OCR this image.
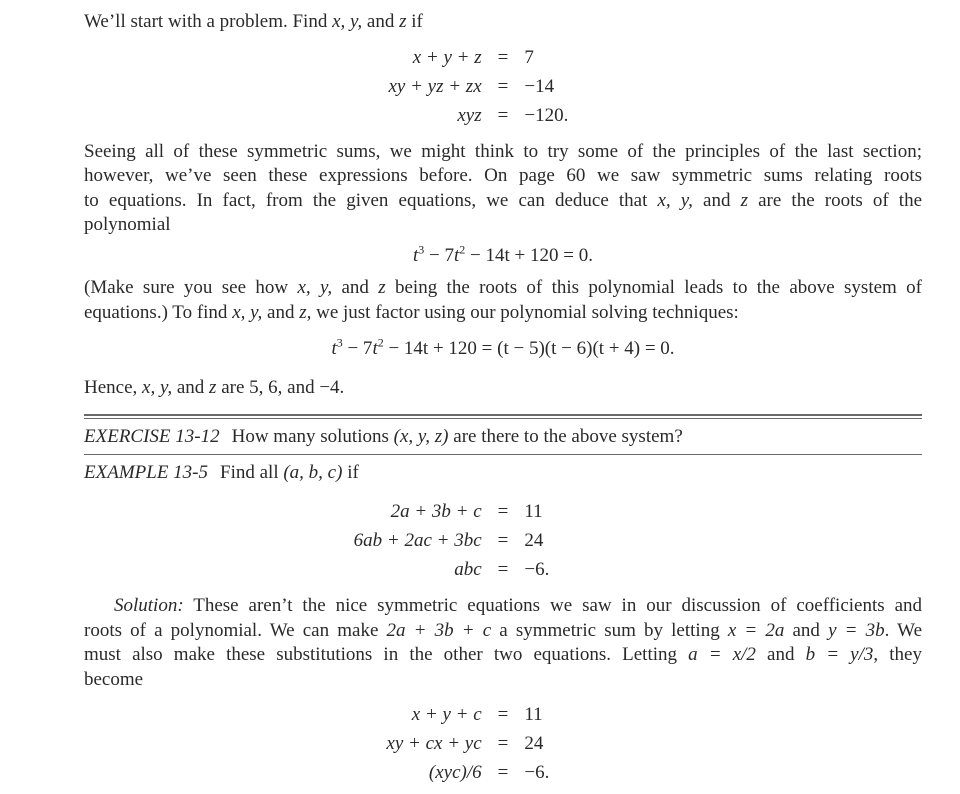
We’ll start with a problem. Find x, y, and z if

x + y + z = 7
xy + yz + zx = −14
xyz = −120.

Seeing all of these symmetric sums, we might think to try some of the principles of the last section;

however, we’ve seen these expressions before. On page 60 we saw symmetric sums relating roots

to equations. In fact, from the given equations, we can deduce that x, y, and z are the roots of the

polynomial

$t^3 - 7t^2 - 14t + 120 = 0$.

(Make sure you see how x, y, and z being the roots of this polynomial leads to the above system of

equations.) To find x, y, and z, we just factor using our polynomial solving techniques:

$t^3 - 7t^2 - 14t + 120 = (t - 5)(t - 6)(t + 4) = 0$.

Hence, x, y, and z are 5, 6, and −4.

EXERCISE 13-12 How many solutions (x, y, z) are there to the above system?

EXAMPLE 13-5 Find all (a, b, c) if

2a + 3b + c = 11
6ab + 2ac + 3bc = 24
abc = −6.

Solution: These aren’t the nice symmetric equations we saw in our discussion of coefficients and

roots of a polynomial. We can make 2a + 3b + c a symmetric sum by letting x = 2a and y = 3b. We

must also make these substitutions in the other two equations. Letting a = x/2 and b = y/3, they

become

x + y + c = 11
xy + cx + yc = 24
(xyc)/6 = −6.
